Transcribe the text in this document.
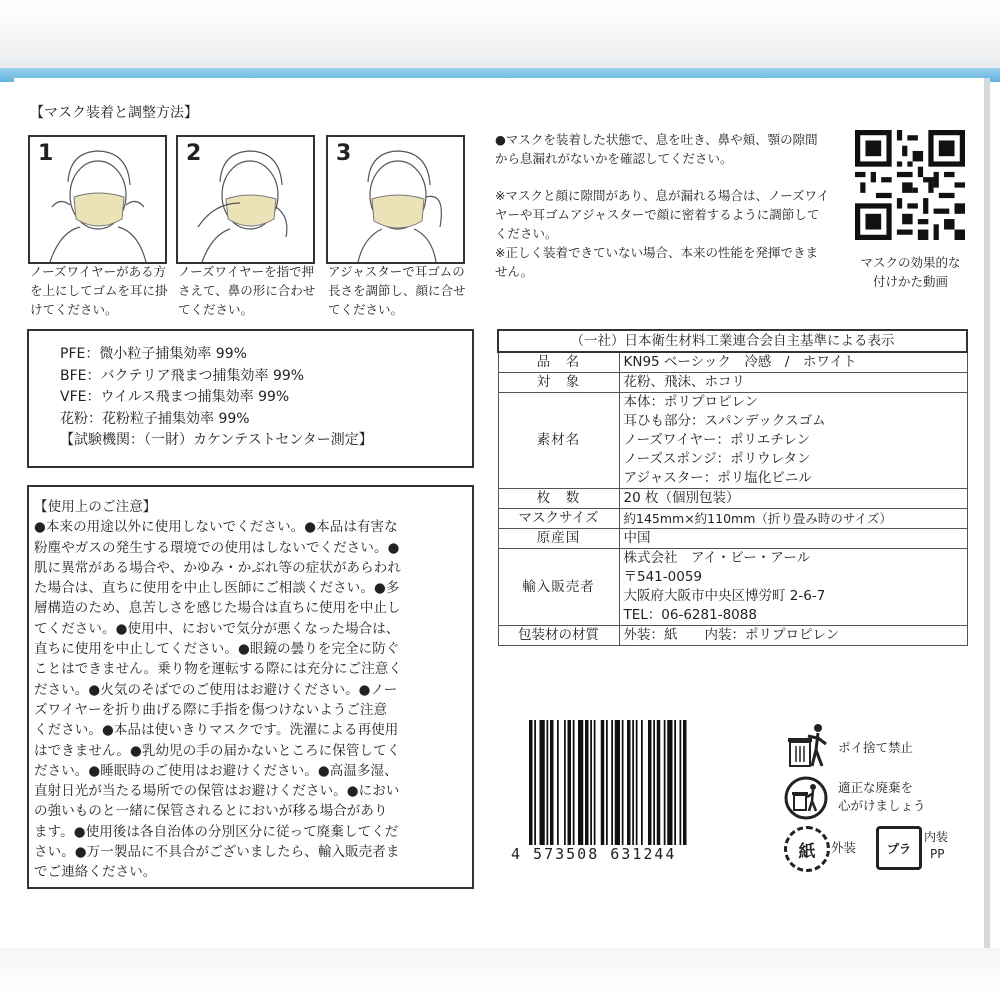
【マスク装着と調整方法】
1	2	3
ノーズワイヤーがある方を上にしてゴムを耳に掛けてください。
ノーズワイヤーを指で押さえて、鼻の形に合わせてください。
アジャスターで耳ゴムの長さを調節し、顔に合せてください。
●マスクを装着した状態で、息を吐き、鼻や頬、顎の隙間から息漏れがないかを確認してください。
※マスクと顔に隙間があり、息が漏れる場合は、ノーズワイヤーや耳ゴムアジャスターで顔に密着するように調節してください。
※正しく装着できていない場合、本来の性能を発揮できません。
マスクの効果的な
付けかた動画
PFE：微小粒子捕集効率 99%
BFE：バクテリア飛まつ捕集効率 99%
VFE：ウイルス飛まつ捕集効率 99%
花粉：花粉粒子捕集効率 99%
【試験機関：（一財）カケンテストセンター測定】
【使用上のご注意】
●本来の用途以外に使用しないでください。●本品は有害な
粉塵やガスの発生する環境での使用はしないでください。●
肌に異常がある場合や、かゆみ・かぶれ等の症状があらわれ
た場合は、直ちに使用を中止し医師にご相談ください。●多
層構造のため、息苦しさを感じた場合は直ちに使用を中止し
てください。●使用中、においで気分が悪くなった場合は、
直ちに使用を中止してください。●眼鏡の曇りを完全に防ぐ
ことはできません。乗り物を運転する際には充分にご注意く
ださい。●火気のそばでのご使用はお避けください。●ノー
ズワイヤーを折り曲げる際に手指を傷つけないようご注意
ください。●本品は使いきりマスクです。洗濯による再使用
はできません。●乳幼児の手の届かないところに保管してく
ださい。●睡眠時のご使用はお避けください。●高温多湿、
直射日光が当たる場所での保管はお避けください。●におい
の強いものと一緒に保管されるとにおいが移る場合があり
ます。●使用後は各自治体の分別区分に従って廃棄してくだ
さい。●万一製品に不具合がございましたら、輸入販売者ま
でご連絡ください。
（一社）日本衛生材料工業連合会自主基準による表示	
品　名	KN95 ベーシック　冷感　/　ホワイト
対　象	花粉、飛沫、ホコリ
素材名	本体：ポリプロピレン
耳ひも部分：スパンデックスゴム
ノーズワイヤー：ポリエチレン
ノーズスポンジ：ポリウレタン
アジャスター：ポリ塩化ビニル

枚　数	20 枚（個別包装）
マスクサイズ	約145mm×約110mm（折り畳み時のサイズ）
原産国	中国
輸入販売者	株式会社　アイ・ビー・アール
〒541-0059
大阪府大阪市中央区博労町 2-6-7
TEL：06-6281-8088

包装材の材質	外装：紙　　内装：ポリプロピレン
4 573508 631244
ポイ捨て禁止
適正な廃棄を
心がけましょう
紙 外装	プラ
内装
PP
